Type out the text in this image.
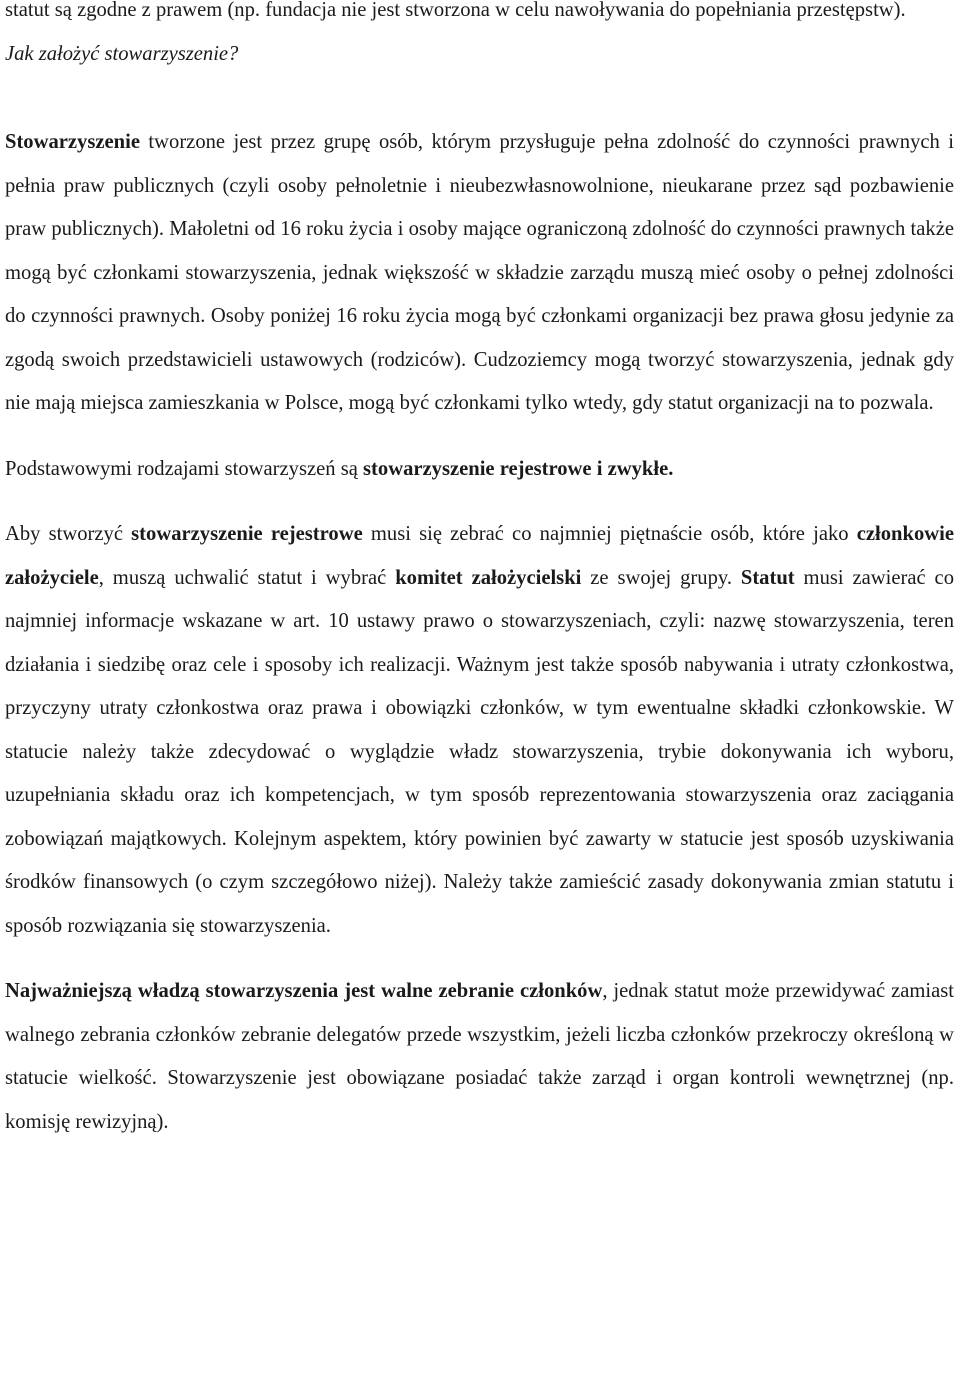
statut są zgodne z prawem (np. fundacja nie jest stworzona w celu nawoływania do popełniania przestępstw).

Jak założyć stowarzyszenie?

Stowarzyszenie tworzone jest przez grupę osób, którym przysługuje pełna zdolność do czynności prawnych i pełnia praw publicznych (czyli osoby pełnoletnie i nieubezwłasnowolnione, nieukarane przez sąd pozbawienie praw publicznych). Małoletni od 16 roku życia i osoby mające ograniczoną zdolność do czynności prawnych także mogą być członkami stowarzyszenia, jednak większość w składzie zarządu muszą mieć osoby o pełnej zdolności do czynności prawnych. Osoby poniżej 16 roku życia mogą być członkami organizacji bez prawa głosu jedynie za zgodą swoich przedstawicieli ustawowych (rodziców). Cudzoziemcy mogą tworzyć stowarzyszenia, jednak gdy nie mają miejsca zamieszkania w Polsce, mogą być członkami tylko wtedy, gdy statut organizacji na to pozwala.

Podstawowymi rodzajami stowarzyszeń są stowarzyszenie rejestrowe i zwykłe.

Aby stworzyć stowarzyszenie rejestrowe musi się zebrać co najmniej piętnaście osób, które jako członkowie założyciele, muszą uchwalić statut i wybrać komitet założycielski ze swojej grupy. Statut musi zawierać co najmniej informacje wskazane w art. 10 ustawy prawo o stowarzyszeniach, czyli: nazwę stowarzyszenia, teren działania i siedzibę oraz cele i sposoby ich realizacji. Ważnym jest także sposób nabywania i utraty członkostwa, przyczyny utraty członkostwa oraz prawa i obowiązki członków, w tym ewentualne składki członkowskie. W statucie należy także zdecydować o wyglądzie władz stowarzyszenia, trybie dokonywania ich wyboru, uzupełniania składu oraz ich kompetencjach, w tym sposób reprezentowania stowarzyszenia oraz zaciągania zobowiązań majątkowych. Kolejnym aspektem, który powinien być zawarty w statucie jest sposób uzyskiwania środków finansowych (o czym szczegółowo niżej). Należy także zamieścić zasady dokonywania zmian statutu i sposób rozwiązania się stowarzyszenia.

Najważniejszą władzą stowarzyszenia jest walne zebranie członków, jednak statut może przewidywać zamiast walnego zebrania członków zebranie delegatów przede wszystkim, jeżeli liczba członków przekroczy określoną w statucie wielkość. Stowarzyszenie jest obowiązane posiadać także zarząd i organ kontroli wewnętrznej (np. komisję rewizyjną).
